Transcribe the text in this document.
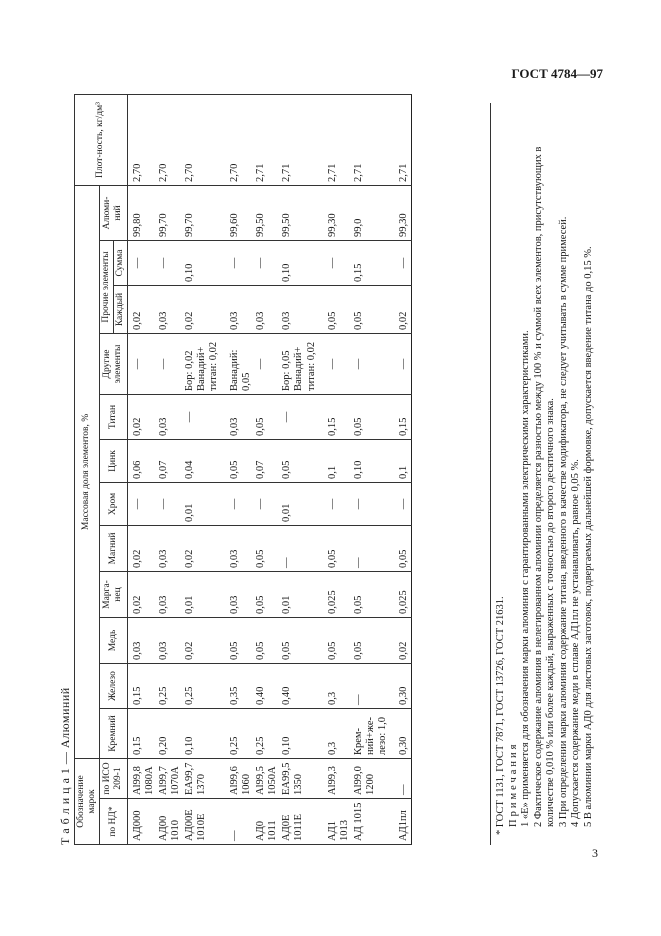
ГОСТ 4784—97
3
Т а б л и ц а 1 — Алюминий Обозначение марок		Массовая доля элементов, %												Плот-ность, кг/дм³
по НД*	по ИСО 209-1	Кремний	Железо	Медь	Марга-нец	Магний	Хром	Цинк	Титан	Другие элементы	Прочие элементы		Алюми-ний	
											Каждый	Сумма		
АД000	Al99,8 1080A	0,15	0,15	0,03	0,02	0,02	—	0,06	0,02	—	0,02	—	99,80	2,70
АД00 1010	Al99,7 1070A	0,20	0,25	0,03	0,03	0,03	—	0,07	0,03	—	0,03	—	99,70	2,70
АД00Е 1010Е	EA99,7 1370	0,10	0,25	0,02	0,01	0,02	0,01	0,04	—	Бор: 0,02 Ванадий+ титан: 0,02	0,02	0,10	99,70	2,70
—	Al99,6 1060	0,25	0,35	0,05	0,03	0,03	—	0,05	0,03	Ванадий: 0,05	0,03	—	99,60	2,70
АД0 1011	Al99,5 1050A	0,25	0,40	0,05	0,05	0,05	—	0,07	0,05	—	0,03	—	99,50	2,71
АД0Е 1011Е	EA99,5 1350	0,10	0,40	0,05	0,01	—	0,01	0,05	—	Бор: 0,05 Ванадий+ титан: 0,02	0,03	0,10	99,50	2,71
АД1 1013	Al99,3	0,3	0,3	0,05	0,025	0,05	—	0,1	0,15	—	0,05	—	99,30	2,71
АД 1015	Al99,0 1200	Крем-ний+же-лезо: 1,0	—	0,05	0,05	—	—	0,10	0,05	—	0,05	0,15	99,0	2,71
АД1пл	—	0,30	0,30	0,02	0,025	0,05	—	0,1	0,15	—	0,02	—	99,30	2,71

* ГОСТ 1131, ГОСТ 7871, ГОСТ 13726, ГОСТ 21631. Примечания 1 «Е» применяется для обозначения марки алюминия с гарантированными электрическими характеристиками. 2 Фактическое содержание алюминия в нелегированном алюминии определяется разностью между 100 % и суммой всех элементов, присутствующих в количестве 0,010 % или более каждый, выраженных с точностью до второго десятичного знака. 3 При определении марки алюминия содержание титана, введенного в качестве модификатора, не следует учитывать в сумме примесей. 4 Допускается содержание меди в сплаве АД1пл не устанавливать, равное 0,05 %. 5 В алюминии марки АД0 для листовых заготовок, подвергаемых дальнейшей формовке, допускается введение титана до 0,15 %.
